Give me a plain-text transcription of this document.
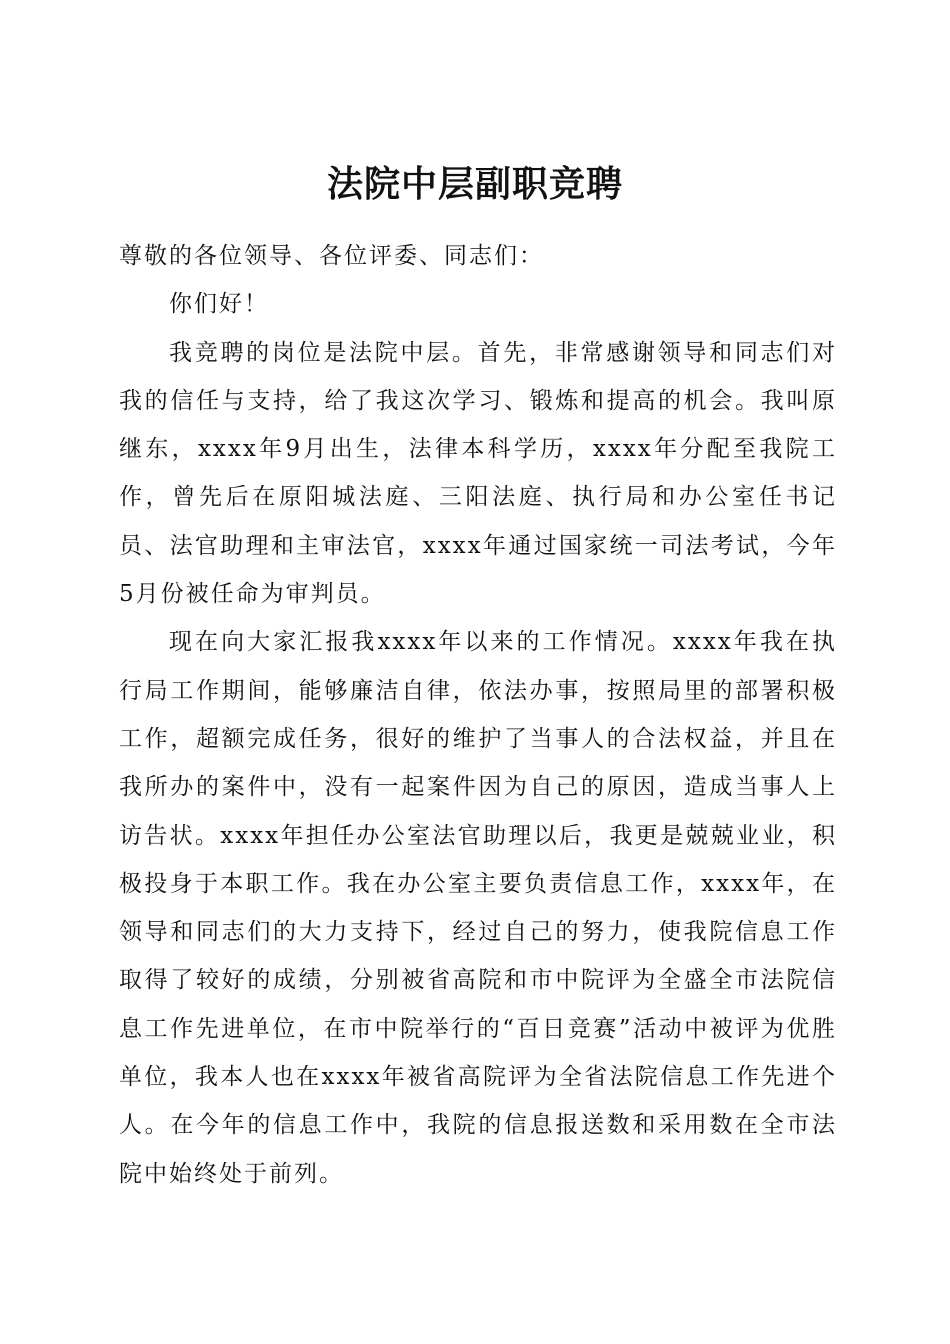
法院中层副职竞聘

尊敬的各位领导、各位评委、同志们：

你们好！

我竞聘的岗位是法院中层。首先，非常感谢领导和同志们对我的信任与支持，给了我这次学习、锻炼和提高的机会。我叫原继东，xxxx年9月出生，法律本科学历，xxxx年分配至我院工作，曾先后在原阳城法庭、三阳法庭、执行局和办公室任书记员、法官助理和主审法官，xxxx年通过国家统一司法考试，今年5月份被任命为审判员。

现在向大家汇报我xxxx年以来的工作情况。xxxx年我在执行局工作期间，能够廉洁自律，依法办事，按照局里的部署积极工作，超额完成任务，很好的维护了当事人的合法权益，并且在我所办的案件中，没有一起案件因为自己的原因，造成当事人上访告状。xxxx年担任办公室法官助理以后，我更是兢兢业业，积极投身于本职工作。我在办公室主要负责信息工作，xxxx年，在领导和同志们的大力支持下，经过自己的努力，使我院信息工作取得了较好的成绩，分别被省高院和市中院评为全盛全市法院信息工作先进单位，在市中院举行的“百日竞赛”活动中被评为优胜单位，我本人也在xxxx年被省高院评为全省法院信息工作先进个人。在今年的信息工作中，我院的信息报送数和采用数在全市法院中始终处于前列。
